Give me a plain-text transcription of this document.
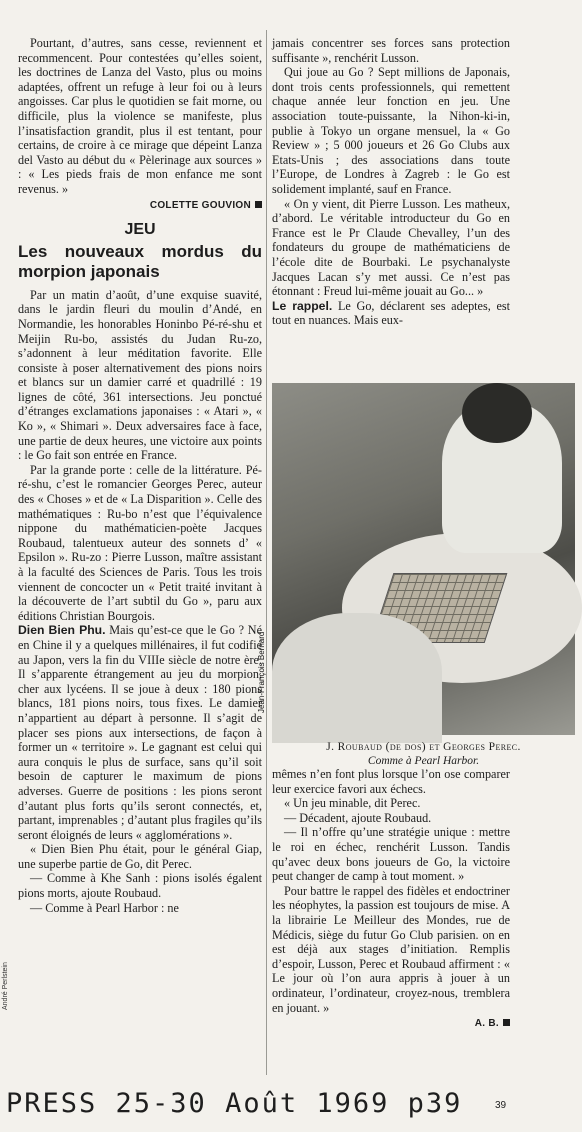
Pourtant, d’autres, sans cesse, reviennent et recommencent. Pour contestées qu’elles soient, les doctrines de Lanza del Vasto, plus ou moins adaptées, offrent un refuge à leur foi ou à leurs angoisses. Car plus le quotidien se fait morne, ou difficile, plus la violence se manifeste, plus l’insatisfaction grandit, plus il est tentant, pour certains, de croire à ce mirage que dépeint Lanza del Vasto au début du « Pèlerinage aux sources » : « Les pieds frais de mon enfance me sont revenus. »

COLETTE GOUVION
JEU
Les nouveaux mordus du morpion japonais

Par un matin d’août, d’une exquise suavité, dans le jardin fleuri du moulin d’Andé, en Normandie, les honorables Honinbo Pé-ré-shu et Meijin Ru-bo, assistés du Judan Ru-zo, s’adonnent à leur méditation favorite. Elle consiste à poser alternativement des pions noirs et blancs sur un damier carré et quadrillé : 19 lignes de côté, 361 intersections. Jeu ponctué d’étranges exclamations japonaises : « Atari », « Ko », « Shimari ». Deux adversaires face à face, une partie de deux heures, une victoire aux points : le Go fait son entrée en France.

Par la grande porte : celle de la littérature. Pé-ré-shu, c’est le romancier Georges Perec, auteur des « Choses » et de « La Disparition ». Celle des mathématiques : Ru-bo n’est que l’équivalence nippone du mathématicien-poète Jacques Roubaud, talentueux auteur des sonnets d’ « Epsilon ». Ru-zo : Pierre Lusson, maître assistant à la faculté des Sciences de Paris. Tous les trois viennent de concocter un « Petit traité invitant à la découverte de l’art subtil du Go », paru aux éditions Christian Bourgois.

Dien Bien Phu. Mais qu’est-ce que le Go ? Né en Chine il y a quelques millénaires, il fut codifié au Japon, vers la fin du VIIIe siècle de notre ère. Il s’apparente étrangement au jeu du morpion, cher aux lycéens. Il se joue à deux : 180 pions blancs, 181 pions noirs, tous fixes. Le damier n’appartient au départ à personne. Il s’agit de placer ses pions aux intersections, de façon à former un « territoire ». Le gagnant est celui qui aura conquis le plus de surface, sans qu’il soit besoin de capturer le maximum de pions adverses. Guerre de positions : les pions seront d’autant plus forts qu’ils seront connectés, et, partant, imprenables ; d’autant plus fragiles qu’ils seront éloignés de leurs « agglomérations ».

« Dien Bien Phu était, pour le général Giap, une superbe partie de Go, dit Perec.

— Comme à Khe Sanh : pions isolés égalent pions morts, ajoute Roubaud.

— Comme à Pearl Harbor : ne

jamais concentrer ses forces sans protection suffisante », renchérit Lusson.

Qui joue au Go ? Sept millions de Japonais, dont trois cents professionnels, qui remettent chaque année leur fonction en jeu. Une association toute-puissante, la Nihon-ki-in, publie à Tokyo un organe mensuel, la « Go Review » ; 5 000 joueurs et 26 Go Clubs aux Etats-Unis ; des associations dans toute l’Europe, de Londres à Zagreb : le Go est solidement implanté, sauf en France.

« On y vient, dit Pierre Lusson. Les matheux, d’abord. Le véritable introducteur du Go en France est le Pr Claude Chevalley, l’un des fondateurs du groupe de mathématiciens de l’école dite de Bourbaki. Le psychanalyste Jacques Lacan s’y met aussi. Ce n’est pas étonnant : Freud lui-même jouait au Go... »

Le rappel. Le Go, déclarent ses adeptes, est tout en nuances. Mais eux-

Jean-François Bernard
J. Roubaud (de dos) et Georges Perec.
Comme à Pearl Harbor.

mêmes n’en font plus lorsque l’on ose comparer leur exercice favori aux échecs.

« Un jeu minable, dit Perec.

— Décadent, ajoute Roubaud.

— Il n’offre qu’une stratégie unique : mettre le roi en échec, renchérit Lusson. Tandis qu’avec deux bons joueurs de Go, la victoire peut changer de camp à tout moment. »

Pour battre le rappel des fidèles et endoctriner les néophytes, la passion est toujours de mise. A la librairie Le Meilleur des Mondes, rue de Médicis, siège du futur Go Club parisien. on en est déjà aux stages d’initiation. Remplis d’espoir, Lusson, Perec et Roubaud affirment : « Le jour où l’on aura appris à jouer à un ordinateur, l’ordinateur, croyez-nous, tremblera en jouant. »

A. B.
André Perlstein
PRESS 25-30 Août 1969 p39	39
